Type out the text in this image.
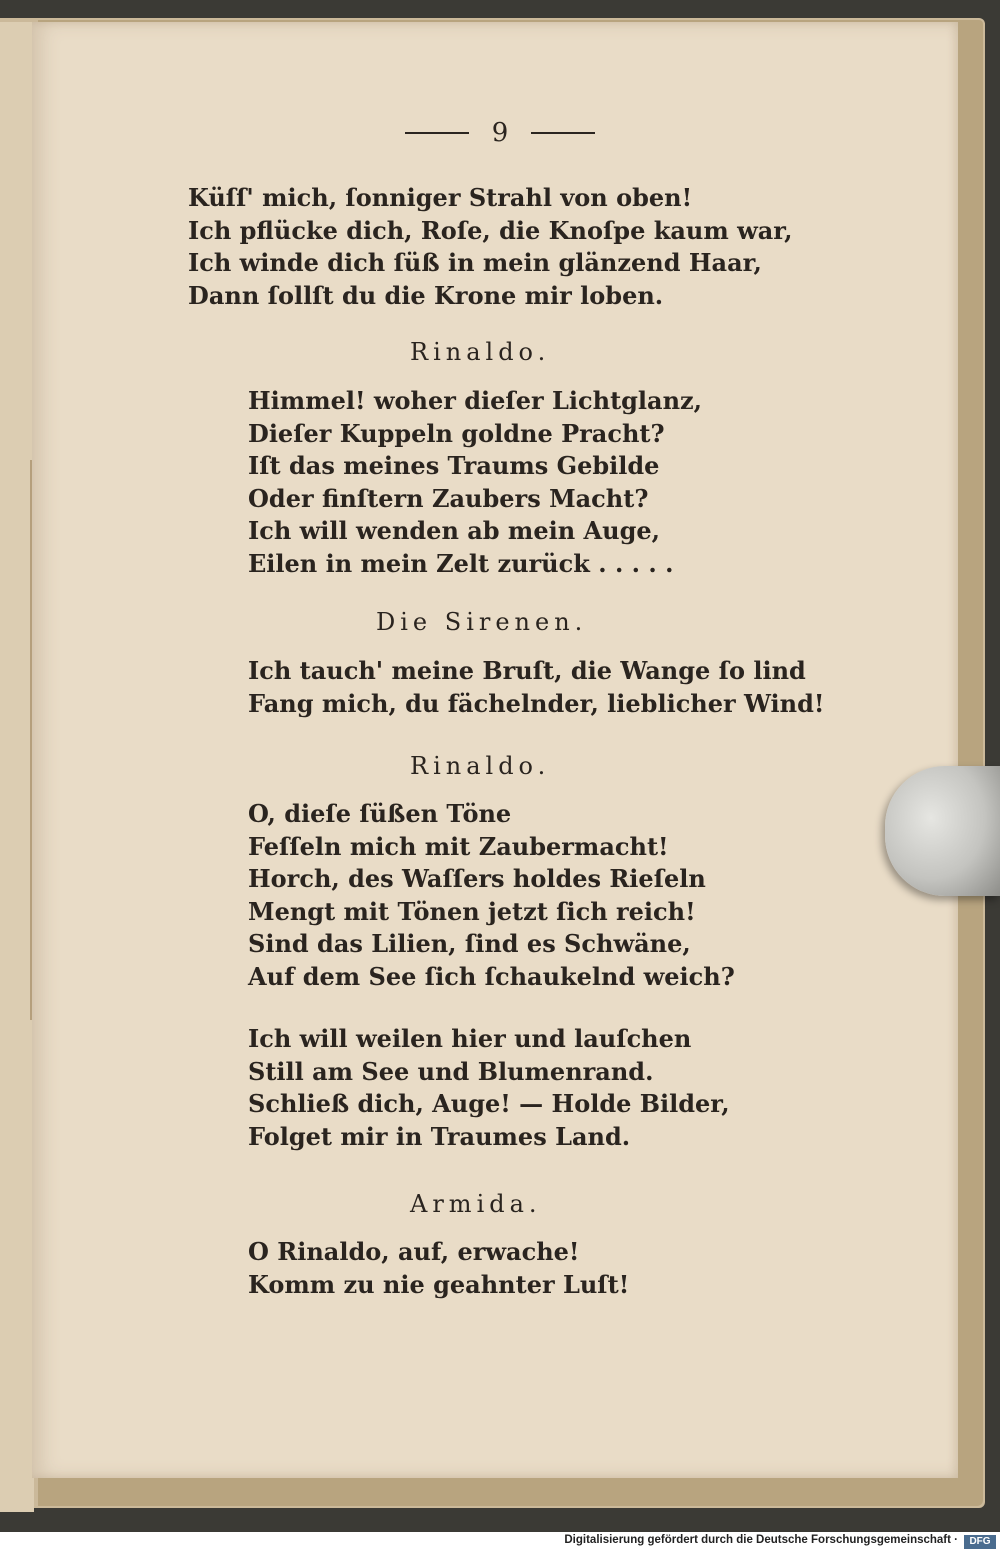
9
Küſſ' mich, ſonniger Strahl von oben!
Ich pflücke dich, Roſe, die Knoſpe kaum war,
Ich winde dich ſüß in mein glänzend Haar,
Dann ſollſt du die Krone mir loben.
Rinaldo.
Himmel! woher dieſer Lichtglanz,
Dieſer Kuppeln goldne Pracht?
Iſt das meines Traums Gebilde
Oder finſtern Zaubers Macht?
Ich will wenden ab mein Auge,
Eilen in mein Zelt zurück . . . . .
Die Sirenen.
Ich tauch' meine Bruſt, die Wange ſo lind
Fang mich, du fächelnder, lieblicher Wind!
Rinaldo.
O, dieſe ſüßen Töne
Feſſeln mich mit Zaubermacht!
Horch, des Waſſers holdes Rieſeln
Mengt mit Tönen jetzt ſich reich!
Sind das Lilien, ſind es Schwäne,
Auf dem See ſich ſchaukelnd weich?
Ich will weilen hier und lauſchen
Still am See und Blumenrand.
Schließ dich, Auge! — Holde Bilder,
Folget mir in Traumes Land.
Armida.
O Rinaldo, auf, erwache!
Komm zu nie geahnter Luſt!
Digitalisierung gefördert durch die Deutsche Forschungsgemeinschaft ·	DFG
